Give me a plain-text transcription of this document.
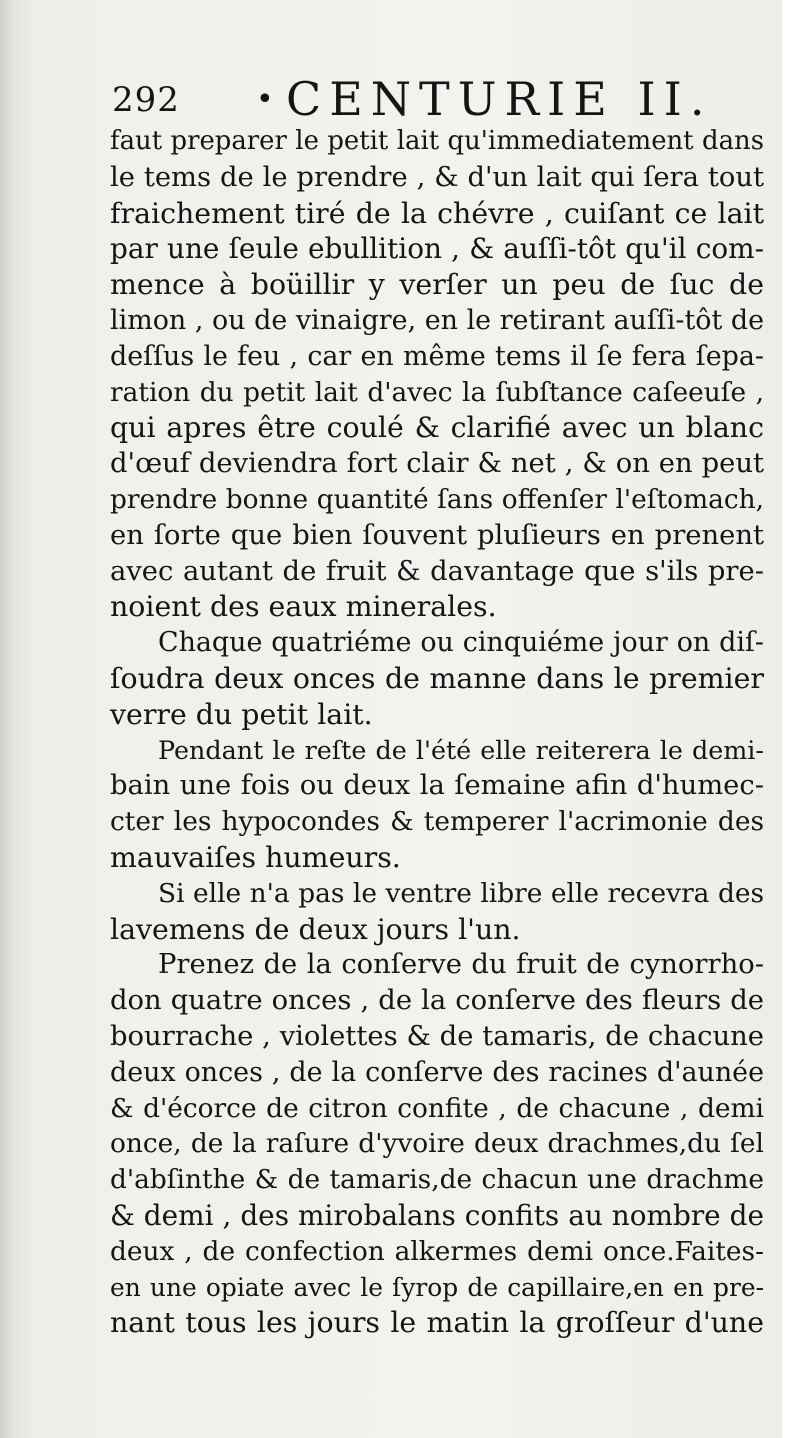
292	• CENTURIE II.
faut preparer le petit lait qu'immediatement dans
le tems de le prendre , & d'un lait qui ſera tout
fraichement tiré de la chévre , cuiſant ce lait
par une ſeule ebullition , & auſſi-tôt qu'il com-
mence à boüillir y verſer un peu de ſuc de
limon , ou de vinaigre, en le retirant auſſi-tôt de
deſſus le feu , car en même tems il ſe fera ſepa-
ration du petit lait d'avec la ſubſtance caſeeuſe ,
qui apres être coulé & clarifié avec un blanc
d'œuf deviendra fort clair & net , & on en peut
prendre bonne quantité ſans offenſer l'eſtomach,
en ſorte que bien ſouvent pluſieurs en prenent
avec autant de fruit & davantage que s'ils pre-
noient des eaux minerales.
Chaque quatriéme ou cinquiéme jour on diſ-
ſoudra deux onces de manne dans le premier
verre du petit lait.
Pendant le reſte de l'été elle reiterera le demi-
bain une fois ou deux la ſemaine afin d'humec-
cter les hypocondes & temperer l'acrimonie des
mauvaiſes humeurs.
Si elle n'a pas le ventre libre elle recevra des
lavemens de deux jours l'un.
Prenez de la conſerve du fruit de cynorrho-
don quatre onces , de la conſerve des fleurs de
bourrache , violettes & de tamaris, de chacune
deux onces , de la conſerve des racines d'aunée
& d'écorce de citron confite , de chacune , demi
once, de la raſure d'yvoire deux drachmes,du ſel
d'abſinthe & de tamaris,de chacun une drachme
& demi , des mirobalans confits au nombre de
deux , de confection alkermes demi once.Faites-
en une opiate avec le ſyrop de capillaire,en en pre-
nant tous les jours le matin la groſſeur d'une
